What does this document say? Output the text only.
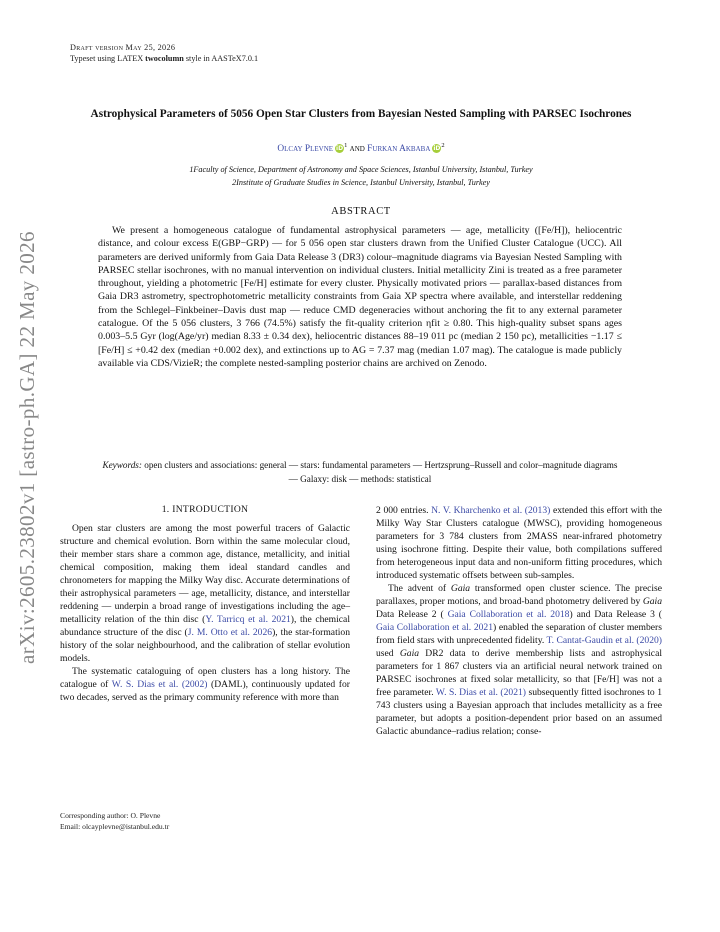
arXiv:2605.23802v1 [astro-ph.GA] 22 May 2026
Draft version May 25, 2026
Typeset using LATEX twocolumn style in AASTeX7.0.1
Astrophysical Parameters of 5056 Open Star Clusters from Bayesian Nested Sampling with PARSEC Isochrones
Olcay Plevne $iD^1$ and Furkan Akbaba $iD^2$
1Faculty of Science, Department of Astronomy and Space Sciences, Istanbul University, Istanbul, Turkey
2Institute of Graduate Studies in Science, Istanbul University, Istanbul, Turkey
ABSTRACT
We present a homogeneous catalogue of fundamental astrophysical parameters — age, metallicity ([Fe/H]), heliocentric distance, and colour excess E(GBP−GRP) — for 5 056 open star clusters drawn from the Unified Cluster Catalogue (UCC). All parameters are derived uniformly from Gaia Data Release 3 (DR3) colour–magnitude diagrams via Bayesian Nested Sampling with PARSEC stellar isochrones, with no manual intervention on individual clusters. Initial metallicity Zini is treated as a free parameter throughout, yielding a photometric [Fe/H] estimate for every cluster. Physically motivated priors — parallax-based distances from Gaia DR3 astrometry, spectrophotometric metallicity constraints from Gaia XP spectra where available, and interstellar reddening from the Schlegel–Finkbeiner–Davis dust map — reduce CMD degeneracies without anchoring the fit to any external parameter catalogue. Of the 5 056 clusters, 3 766 (74.5%) satisfy the fit-quality criterion ηfit ≥ 0.80. This high-quality subset spans ages 0.003–5.5 Gyr (log(Age/yr) median 8.33 ± 0.34 dex), heliocentric distances 88–19 011 pc (median 2 150 pc), metallicities −1.17 ≤ [Fe/H] ≤ +0.42 dex (median +0.002 dex), and extinctions up to AG = 7.37 mag (median 1.07 mag). The catalogue is made publicly available via CDS/VizieR; the complete nested-sampling posterior chains are archived on Zenodo.
Keywords: open clusters and associations: general — stars: fundamental parameters — Hertzsprung–Russell and color–magnitude diagrams — Galaxy: disk — methods: statistical
1. INTRODUCTION

Open star clusters are among the most powerful tracers of Galactic structure and chemical evolution. Born within the same molecular cloud, their member stars share a common age, distance, metallicity, and initial chemical composition, making them ideal standard candles and chronometers for mapping the Milky Way disc. Accurate determinations of their astrophysical parameters — age, metallicity, distance, and interstellar reddening — underpin a broad range of investigations including the age–metallicity relation of the thin disc (Y. Tarricq et al. 2021), the chemical abundance structure of the disc (J. M. Otto et al. 2026), the star-formation history of the solar neighbourhood, and the calibration of stellar evolution models.

The systematic cataloguing of open clusters has a long history. The catalogue of W. S. Dias et al. (2002) (DAML), continuously updated for two decades, served as the primary community reference with more than

2 000 entries. N. V. Kharchenko et al. (2013) extended this effort with the Milky Way Star Clusters catalogue (MWSC), providing homogeneous parameters for 3 784 clusters from 2MASS near-infrared photometry using isochrone fitting. Despite their value, both compilations suffered from heterogeneous input data and non-uniform fitting procedures, which introduced systematic offsets between sub-samples.

The advent of Gaia transformed open cluster science. The precise parallaxes, proper motions, and broad-band photometry delivered by Gaia Data Release 2 ( Gaia Collaboration et al. 2018) and Data Release 3 ( Gaia Collaboration et al. 2021) enabled the separation of cluster members from field stars with unprecedented fidelity. T. Cantat-Gaudin et al. (2020) used Gaia DR2 data to derive membership lists and astrophysical parameters for 1 867 clusters via an artificial neural network trained on PARSEC isochrones at fixed solar metallicity, so that [Fe/H] was not a free parameter. W. S. Dias et al. (2021) subsequently fitted isochrones to 1 743 clusters using a Bayesian approach that includes metallicity as a free parameter, but adopts a position-dependent prior based on an assumed Galactic abundance–radius relation; conse-

Corresponding author: O. Plevne
Email: olcayplevne@istanbul.edu.tr
